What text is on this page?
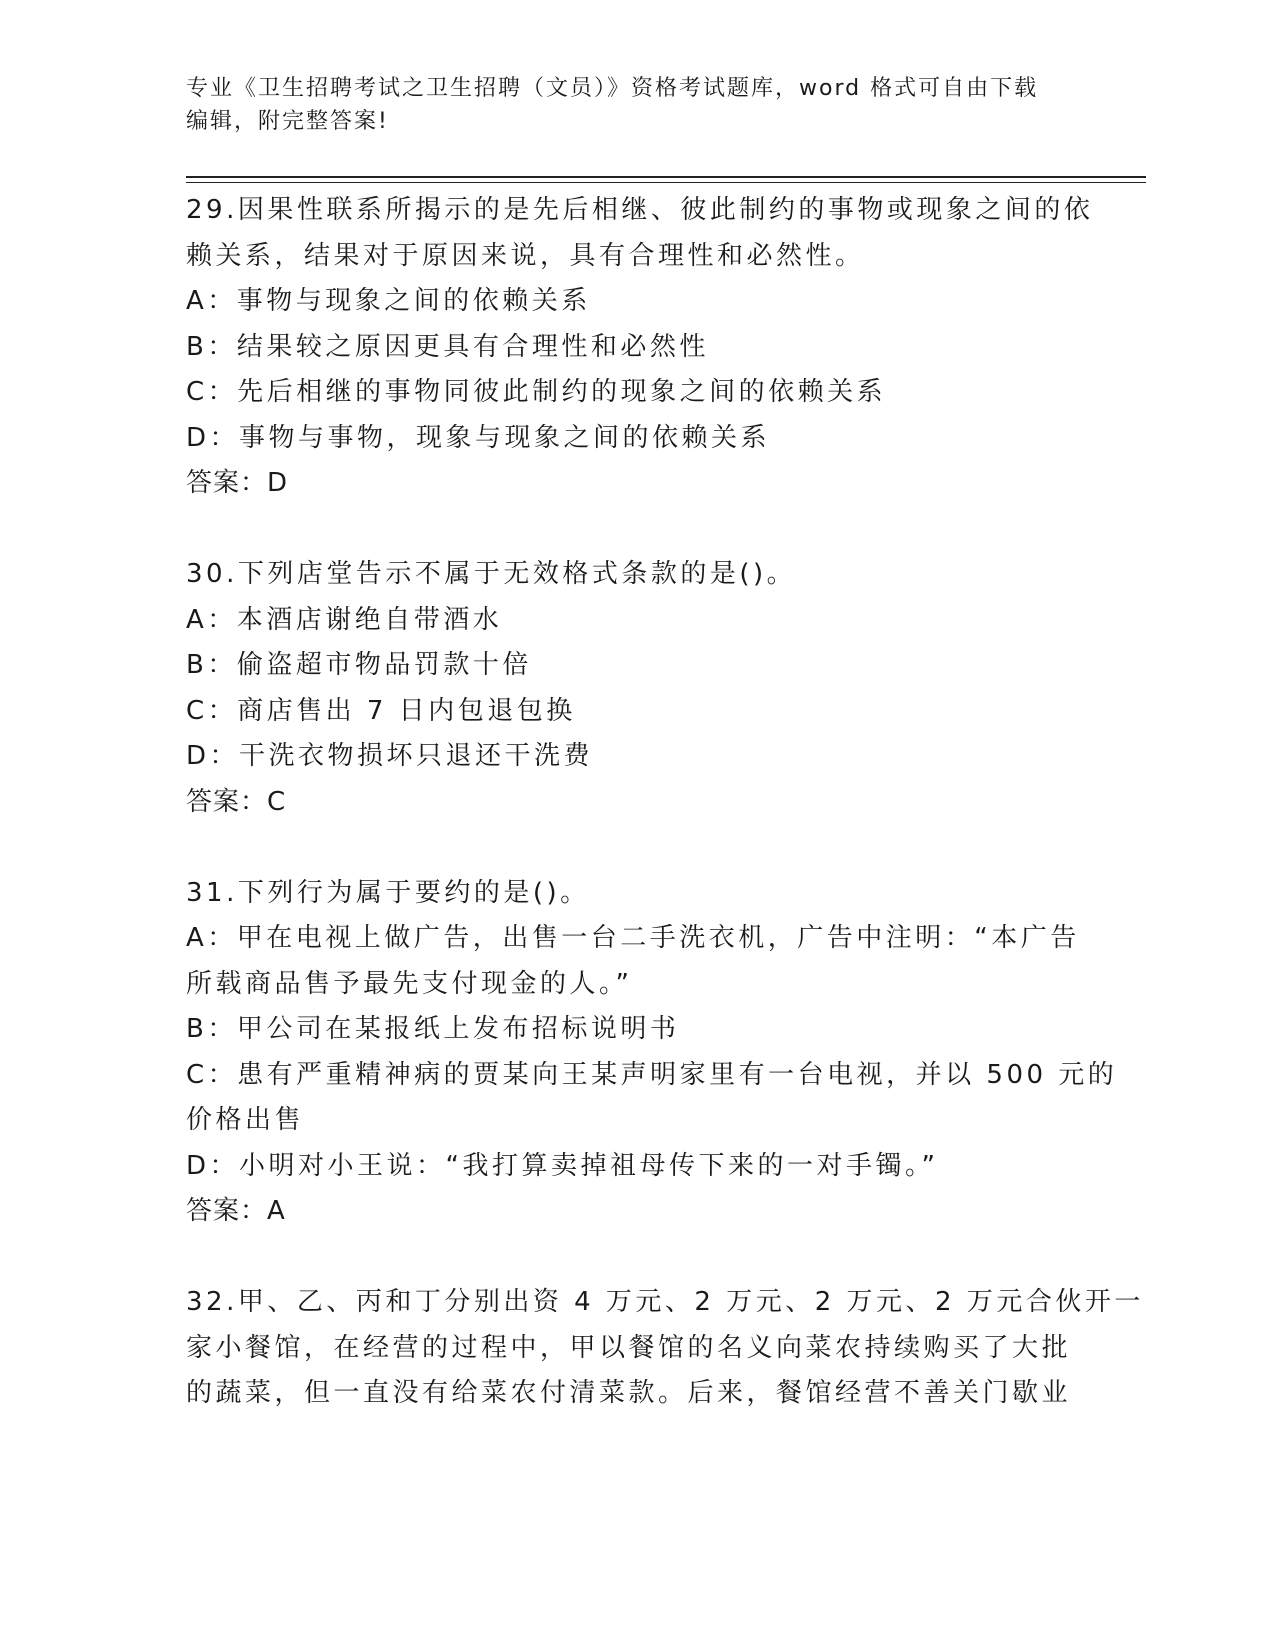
专业《卫生招聘考试之卫生招聘（文员）》资格考试题库，word 格式可自由下载
编辑，附完整答案!
29.因果性联系所揭示的是先后相继、彼此制约的事物或现象之间的依
赖关系，结果对于原因来说，具有合理性和必然性。
A：事物与现象之间的依赖关系
B：结果较之原因更具有合理性和必然性
C：先后相继的事物同彼此制约的现象之间的依赖关系
D：事物与事物，现象与现象之间的依赖关系
答案：D
30.下列店堂告示不属于无效格式条款的是()。
A：本酒店谢绝自带酒水
B：偷盗超市物品罚款十倍
C：商店售出 7 日内包退包换
D：干洗衣物损坏只退还干洗费
答案：C
31.下列行为属于要约的是()。
A：甲在电视上做广告，出售一台二手洗衣机，广告中注明：“本广告
所载商品售予最先支付现金的人。”
B：甲公司在某报纸上发布招标说明书
C：患有严重精神病的贾某向王某声明家里有一台电视，并以 500 元的
价格出售
D：小明对小王说：“我打算卖掉祖母传下来的一对手镯。”
答案：A
32.甲、乙、丙和丁分别出资 4 万元、2 万元、2 万元、2 万元合伙开一
家小餐馆，在经营的过程中，甲以餐馆的名义向菜农持续购买了大批
的蔬菜，但一直没有给菜农付清菜款。后来，餐馆经营不善关门歇业
